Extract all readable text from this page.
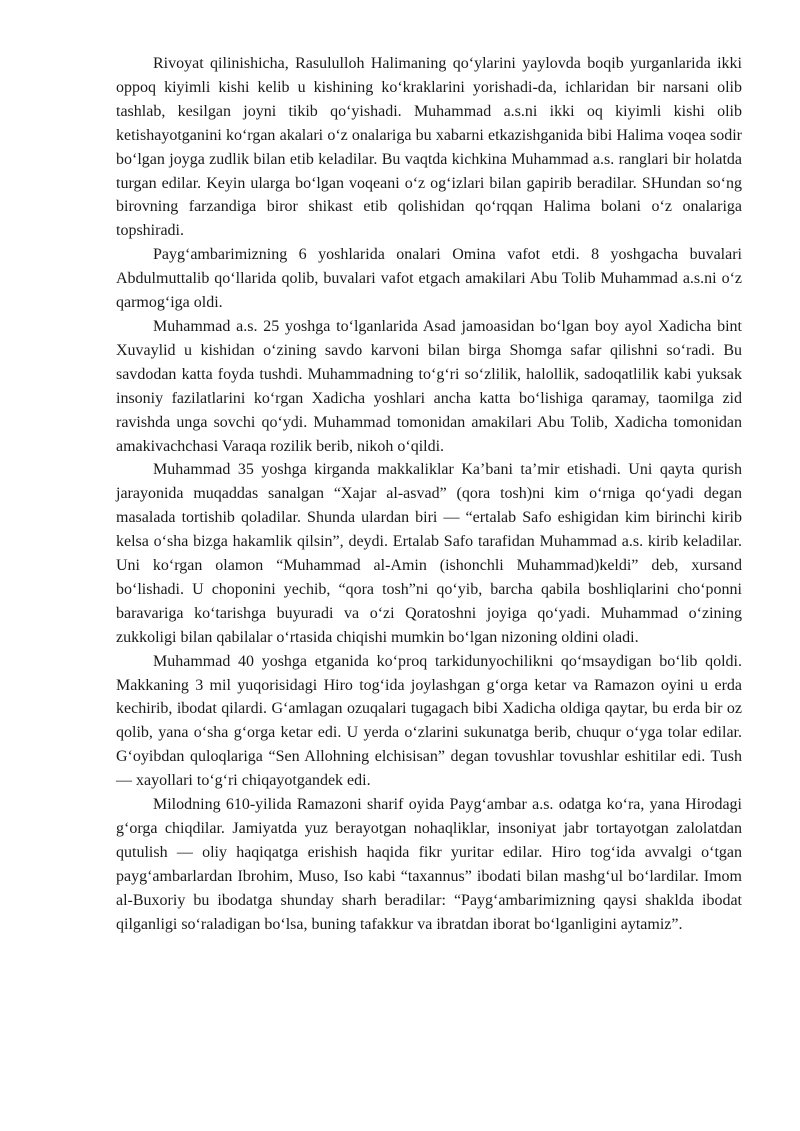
Rivoyat qilinishicha, Rasululloh Halimaning qo‘ylarini yaylovda boqib yurganlarida ikki oppoq kiyimli kishi kelib u kishining ko‘kraklarini yorishadi-da, ichlaridan bir narsani olib tashlab, kesilgan joyni tikib qo‘yishadi. Muhammad a.s.ni ikki oq kiyimli kishi olib ketishayotganini ko‘rgan akalari o‘z onalariga bu xabarni etkazishganida bibi Halima voqea sodir bo‘lgan joyga zudlik bilan etib keladilar. Bu vaqtda kichkina Muhammad a.s. ranglari bir holatda turgan edilar. Keyin ularga bo‘lgan voqeani o‘z og‘izlari bilan gapirib beradilar. SHundan so‘ng birovning farzandiga biror shikast etib qolishidan qo‘rqqan Halima bolani o‘z onalariga topshiradi.

Payg‘ambarimizning 6 yoshlarida onalari Omina vafot etdi. 8 yoshgacha buvalari Abdulmuttalib qo‘llarida qolib, buvalari vafot etgach amakilari Abu Tolib Muhammad a.s.ni o‘z qarmog‘iga oldi.

Muhammad a.s. 25 yoshga to‘lganlarida Asad jamoasidan bo‘lgan boy ayol Xadicha bint Xuvaylid u kishidan o‘zining savdo karvoni bilan birga Shomga safar qilishni so‘radi. Bu savdodan katta foyda tushdi. Muhammadning to‘g‘ri so‘zlilik, halollik, sadoqatlilik kabi yuksak insoniy fazilatlarini ko‘rgan Xadicha yoshlari ancha katta bo‘lishiga qaramay, taomilga zid ravishda unga sovchi qo‘ydi. Muhammad tomonidan amakilari Abu Tolib, Xadicha tomonidan amakivachchasi Varaqa rozilik berib, nikoh o‘qildi.

Muhammad 35 yoshga kirganda makkaliklar Ka’bani ta’mir etishadi. Uni qayta qurish jarayonida muqaddas sanalgan “Xajar al-asvad” (qora tosh)ni kim o‘rniga qo‘yadi degan masalada tortishib qoladilar. Shunda ulardan biri — “ertalab Safo eshigidan kim birinchi kirib kelsa o‘sha bizga hakamlik qilsin”, deydi. Ertalab Safo tarafidan Muhammad a.s. kirib keladilar. Uni ko‘rgan olamon “Muhammad al-Amin (ishonchli Muhammad)keldi” deb, xursand bo‘lishadi. U choponini yechib, “qora tosh”ni qo‘yib, barcha qabila boshliqlarini cho‘ponni baravariga ko‘tarishga buyuradi va o‘zi Qoratoshni joyiga qo‘yadi. Muhammad o‘zining zukkoligi bilan qabilalar o‘rtasida chiqishi mumkin bo‘lgan nizoning oldini oladi.

Muhammad 40 yoshga etganida ko‘proq tarkidunyochilikni qo‘msaydigan bo‘lib qoldi. Makkaning 3 mil yuqorisidagi Hiro tog‘ida joylashgan g‘orga ketar va Ramazon oyini u erda kechirib, ibodat qilardi. G‘amlagan ozuqalari tugagach bibi Xadicha oldiga qaytar, bu erda bir oz qolib, yana o‘sha g‘orga ketar edi. U yerda o‘zlarini sukunatga berib, chuqur o‘yga tolar edilar. G‘oyibdan quloqlariga “Sen Allohning elchisisan” degan tovushlar tovushlar eshitilar edi. Tush — xayollari to‘g‘ri chiqayotgandek edi.

Milodning 610-yilida Ramazoni sharif oyida Payg‘ambar a.s. odatga ko‘ra, yana Hirodagi g‘orga chiqdilar. Jamiyatda yuz berayotgan nohaqliklar, insoniyat jabr tortayotgan zalolatdan qutulish — oliy haqiqatga erishish haqida fikr yuritar edilar. Hiro tog‘ida avvalgi o‘tgan payg‘ambarlardan Ibrohim, Muso, Iso kabi “taxannus” ibodati bilan mashg‘ul bo‘lardilar. Imom al-Buxoriy bu ibodatga shunday sharh beradilar: “Payg‘ambarimizning qaysi shaklda ibodat qilganligi so‘raladigan bo‘lsa, buning tafakkur va ibratdan iborat bo‘lganligini aytamiz”.
